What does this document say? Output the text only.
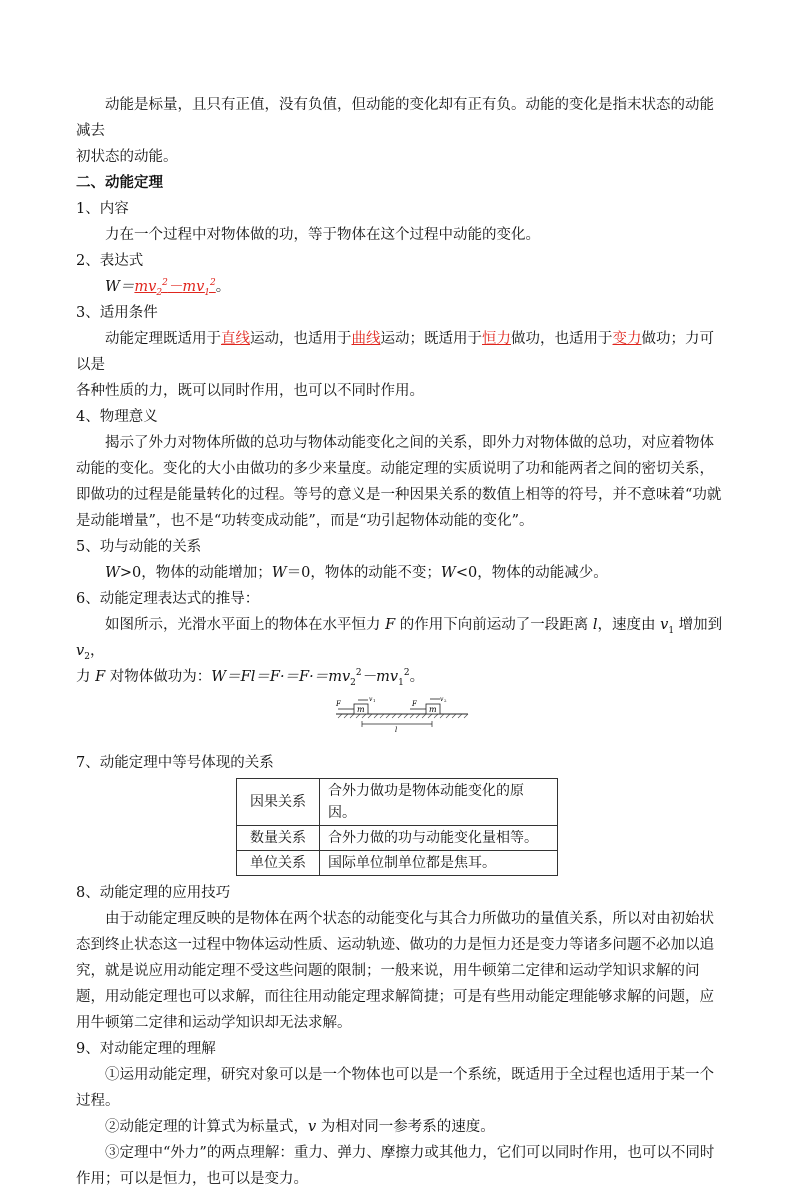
动能是标量，且只有正值，没有负值，但动能的变化却有正有负。动能的变化是指末状态的动能减去
初状态的动能。

二、动能定理

1、内容

力在一个过程中对物体做的功，等于物体在这个过程中动能的变化。

2、表达式

$W=mv_2^2-mv_1^2$。

3、适用条件

动能定理既适用于直线运动，也适用于曲线运动；既适用于恒力做功，也适用于变力做功；力可以是
各种性质的力，既可以同时作用，也可以不同时作用。

4、物理意义

揭示了外力对物体所做的总功与物体动能变化之间的关系，即外力对物体做的总功，对应着物体动能的变化。变化的大小由做功的多少来量度。动能定理的实质说明了功和能两者之间的密切关系，即做功的过程是能量转化的过程。等号的意义是一种因果关系的数值上相等的符号，并不意味着“功就是动能增量”，也不是“功转变成动能”，而是“功引起物体动能的变化”。

5、功与动能的关系

W>0，物体的动能增加；W＝0，物体的动能不变；W<0，物体的动能减少。

6、动能定理表达式的推导：

如图所示，光滑水平面上的物体在水平恒力 F 的作用下向前运动了一段距离 l，速度由 $v_1$ 增加到 $v_2$，
力 F 对物体做功为：$W=Fl=F\cdot=F\cdot=mv_2^2-mv_1^2$。

m
F
v 1
m
F
v 2
l

7、动能定理中等号体现的关系

因果关系	合外力做功是物体动能变化的原因。
数量关系	合外力做的功与动能变化量相等。
单位关系	国际单位制单位都是焦耳。

8、动能定理的应用技巧

由于动能定理反映的是物体在两个状态的动能变化与其合力所做功的量值关系，所以对由初始状态到终止状态这一过程中物体运动性质、运动轨迹、做功的力是恒力还是变力等诸多问题不必加以追究，就是说应用动能定理不受这些问题的限制；一般来说，用牛顿第二定律和运动学知识求解的问题，用动能定理也可以求解，而往往用动能定理求解简捷；可是有些用动能定理能够求解的问题，应用牛顿第二定律和运动学知识却无法求解。

9、对动能定理的理解

①运用动能定理，研究对象可以是一个物体也可以是一个系统，既适用于全过程也适用于某一个过程。

②动能定理的计算式为标量式，v 为相对同一参考系的速度。

③定理中“外力”的两点理解：重力、弹力、摩擦力或其他力，它们可以同时作用，也可以不同时作用；可以是恒力，也可以是变力。
